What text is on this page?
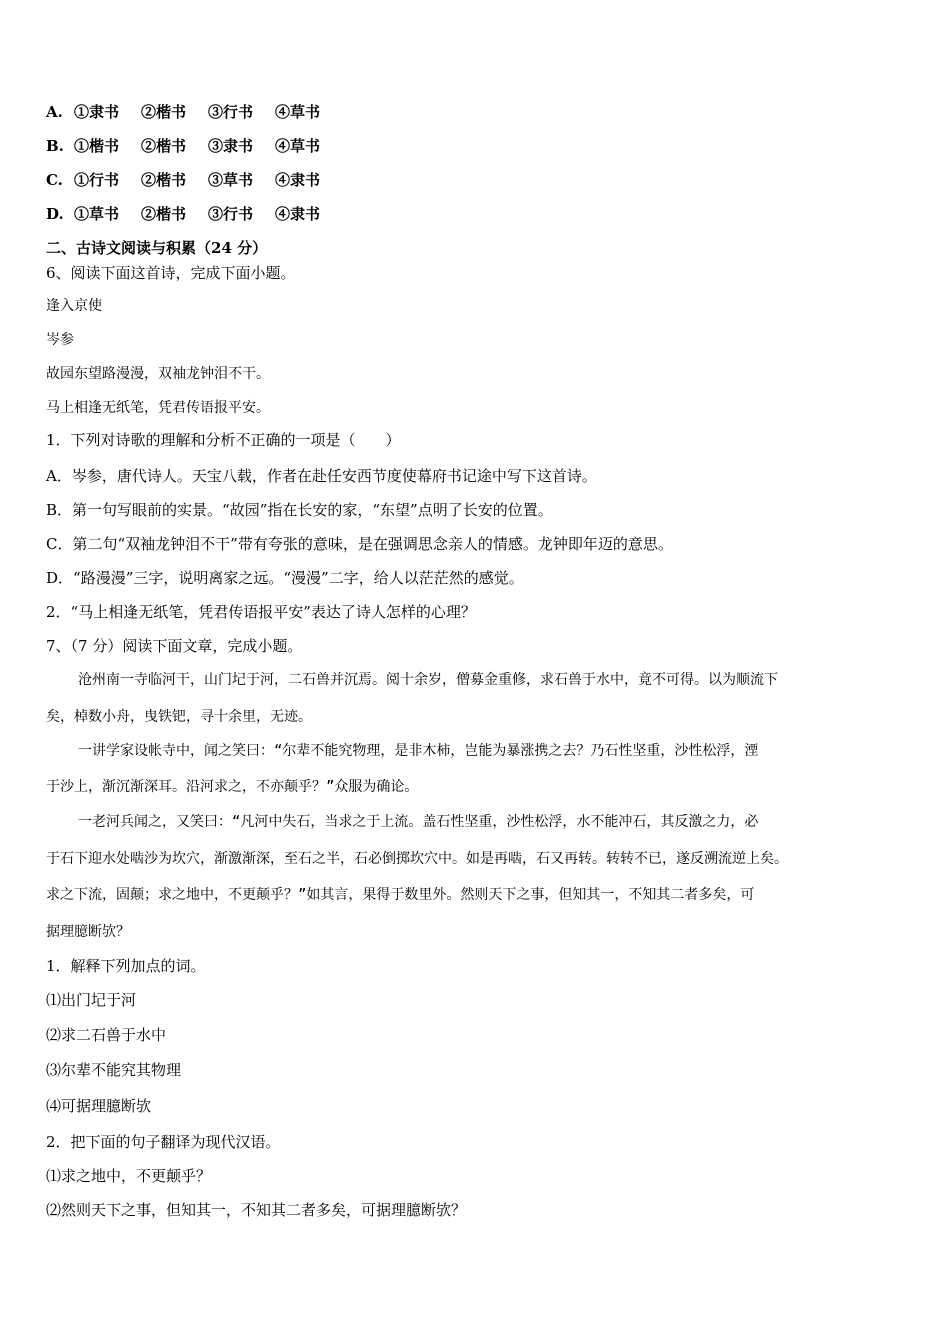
A. ①隶书 ②楷书 ③行书 ④草书
B. ①楷书 ②楷书 ③隶书 ④草书
C. ①行书 ②楷书 ③草书 ④隶书
D. ①草书 ②楷书 ③行书 ④隶书
二、古诗文阅读与积累（24 分）
6、阅读下面这首诗，完成下面小题。
逢入京使
岑参
故园东望路漫漫，双袖龙钟泪不干。
马上相逢无纸笔，凭君传语报平安。
1．下列对诗歌的理解和分析不正确的一项是（　　）
A．岑参，唐代诗人。天宝八载，作者在赴任安西节度使幕府书记途中写下这首诗。
B．第一句写眼前的实景。“故园”指在长安的家，“东望”点明了长安的位置。
C．第二句“双袖龙钟泪不干”带有夸张的意味，是在强调思念亲人的情感。龙钟即年迈的意思。
D．“路漫漫”三字，说明离家之远。“漫漫”二字，给人以茫茫然的感觉。
2．“马上相逢无纸笔，凭君传语报平安”表达了诗人怎样的心理？
7、（7 分）阅读下面文章，完成小题。
沧州南一寺临河干，山门圮于河，二石兽并沉焉。阅十余岁，僧募金重修，求石兽于水中，竟不可得。以为顺流下
矣，棹数小舟，曳铁钯，寻十余里，无迹。
一讲学家设帐寺中，闻之笑曰：“尔辈不能究物理，是非木柿，岂能为暴涨携之去？乃石性坚重，沙性松浮，湮
于沙上，渐沉渐深耳。沿河求之，不亦颠乎？”众服为确论。
一老河兵闻之，又笑曰：“凡河中失石，当求之于上流。盖石性坚重，沙性松浮，水不能冲石，其反激之力，必
于石下迎水处啮沙为坎穴，渐激渐深，至石之半，石必倒掷坎穴中。如是再啮，石又再转。转转不已，遂反溯流逆上矣。
求之下流，固颠；求之地中，不更颠乎？”如其言，果得于数里外。然则天下之事，但知其一，不知其二者多矣，可
据理臆断欤？
1．解释下列加点的词。
⑴出门圮于河
⑵求二石兽于水中
⑶尔辈不能究其物理
⑷可据理臆断欤
2．把下面的句子翻译为现代汉语。
⑴求之地中，不更颠乎？
⑵然则天下之事，但知其一，不知其二者多矣，可据理臆断欤？
